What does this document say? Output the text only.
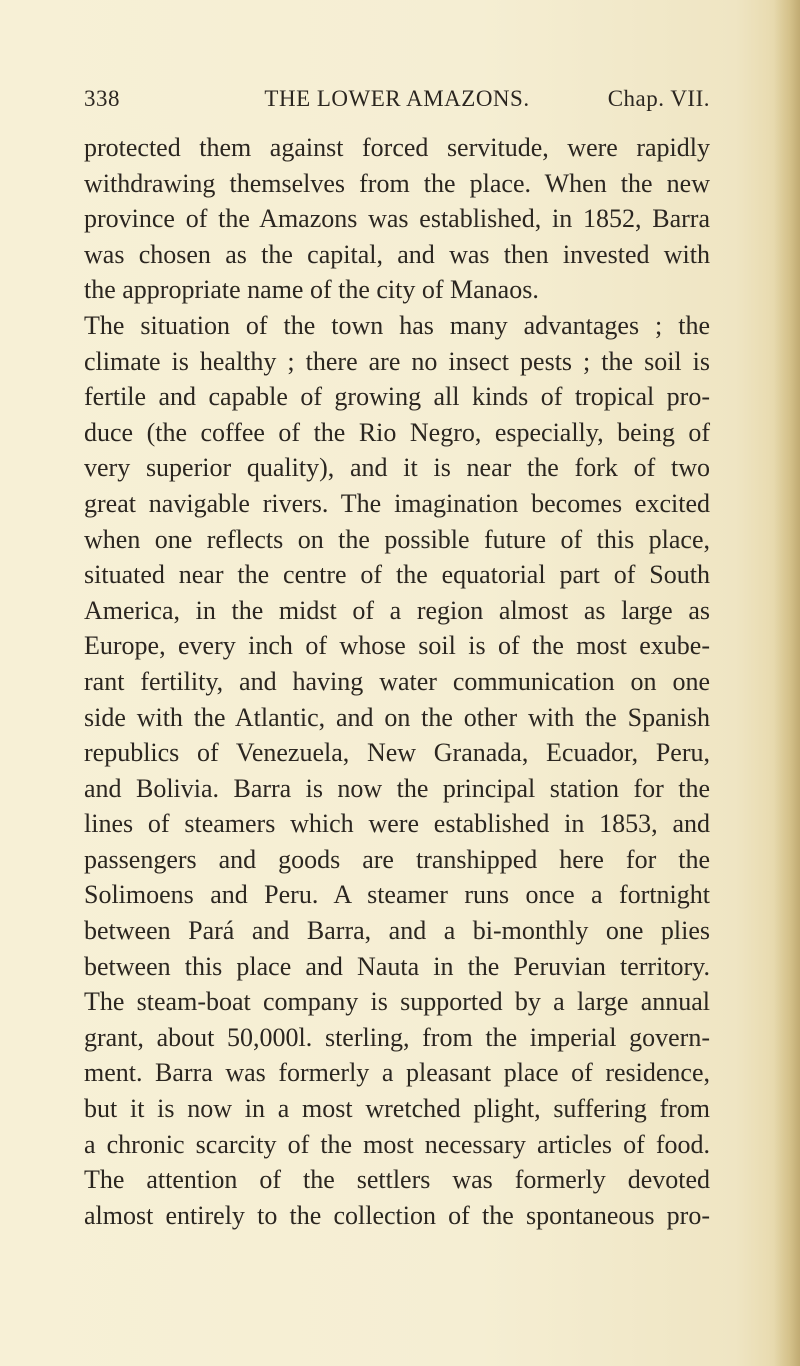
338	THE LOWER AMAZONS.	Chap. VII.
protected them against forced servitude, were rapidly
withdrawing themselves from the place. When the new
province of the Amazons was established, in 1852, Barra
was chosen as the capital, and was then invested with
the appropriate name of the city of Manaos.
The situation of the town has many advantages ; the
climate is healthy ; there are no insect pests ; the soil is
fertile and capable of growing all kinds of tropical pro-
duce (the coffee of the Rio Negro, especially, being of
very superior quality), and it is near the fork of two
great navigable rivers. The imagination becomes excited
when one reflects on the possible future of this place,
situated near the centre of the equatorial part of South
America, in the midst of a region almost as large as
Europe, every inch of whose soil is of the most exube-
rant fertility, and having water communication on one
side with the Atlantic, and on the other with the Spanish
republics of Venezuela, New Granada, Ecuador, Peru,
and Bolivia. Barra is now the principal station for the
lines of steamers which were established in 1853, and
passengers and goods are transhipped here for the
Solimoens and Peru. A steamer runs once a fortnight
between Pará and Barra, and a bi-monthly one plies
between this place and Nauta in the Peruvian territory.
The steam-boat company is supported by a large annual
grant, about 50,000l. sterling, from the imperial govern-
ment. Barra was formerly a pleasant place of residence,
but it is now in a most wretched plight, suffering from
a chronic scarcity of the most necessary articles of food.
The attention of the settlers was formerly devoted
almost entirely to the collection of the spontaneous pro-
